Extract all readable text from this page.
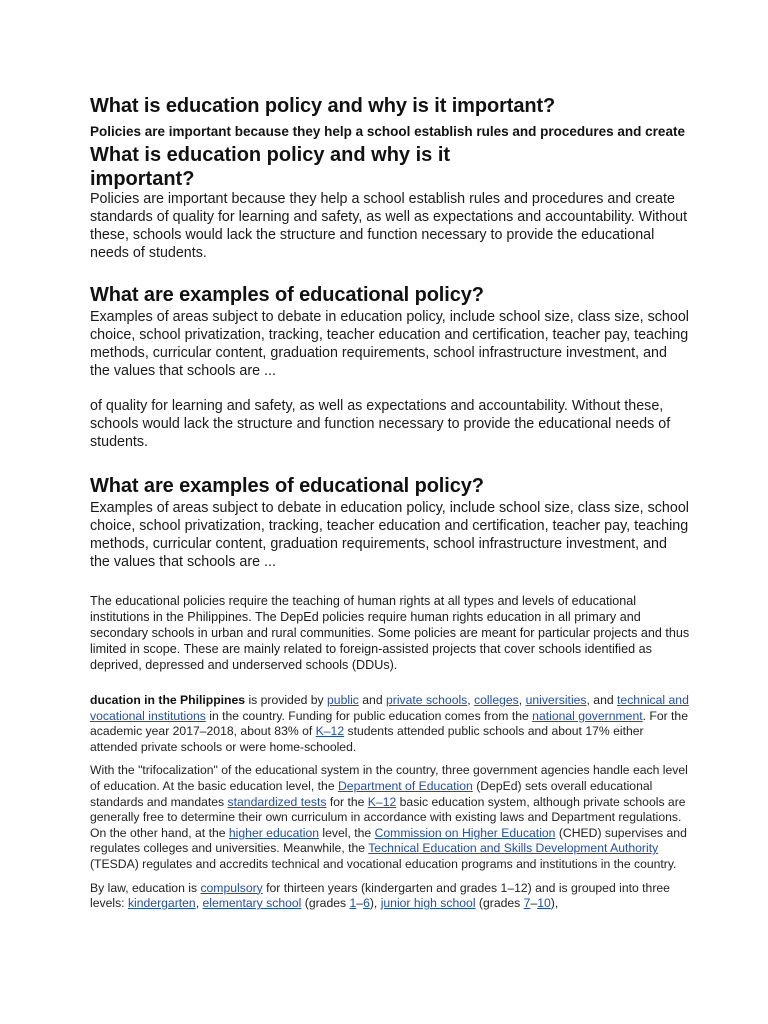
What is education policy and why is it important?

Policies are important because they help a school establish rules and procedures and create What is education policy and why is it
important?

Policies are important because they help a school establish rules and procedures and create standards of quality for learning and safety, as well as expectations and accountability. Without these, schools would lack the structure and function necessary to provide the educational needs of students.

What are examples of educational policy?

Examples of areas subject to debate in education policy, include school size, class size, school choice, school privatization, tracking, teacher education and certification, teacher pay, teaching methods, curricular content, graduation requirements, school infrastructure investment, and the values that schools are ...

of quality for learning and safety, as well as expectations and accountability. Without these, schools would lack the structure and function necessary to provide the educational needs of students.

What are examples of educational policy?

Examples of areas subject to debate in education policy, include school size, class size, school choice, school privatization, tracking, teacher education and certification, teacher pay, teaching methods, curricular content, graduation requirements, school infrastructure investment, and the values that schools are ...

The educational policies require the teaching of human rights at all types and levels of educational institutions in the Philippines. The DepEd policies require human rights education in all primary and secondary schools in urban and rural communities. Some policies are meant for particular projects and thus limited in scope. These are mainly related to foreign-assisted projects that cover schools identified as deprived, depressed and underserved schools (DDUs).

ducation in the Philippines is provided by public and private schools, colleges, universities, and technical and vocational institutions in the country. Funding for public education comes from the national government. For the academic year 2017–2018, about 83% of K–12 students attended public schools and about 17% either attended private schools or were home-schooled.

With the "trifocalization" of the educational system in the country, three government agencies handle each level of education. At the basic education level, the Department of Education (DepEd) sets overall educational standards and mandates standardized tests for the K–12 basic education system, although private schools are generally free to determine their own curriculum in accordance with existing laws and Department regulations. On the other hand, at the higher education level, the Commission on Higher Education (CHED) supervises and regulates colleges and universities. Meanwhile, the Technical Education and Skills Development Authority (TESDA) regulates and accredits technical and vocational education programs and institutions in the country.

By law, education is compulsory for thirteen years (kindergarten and grades 1–12) and is grouped into three levels: kindergarten, elementary school (grades 1–6), junior high school (grades 7–10),
